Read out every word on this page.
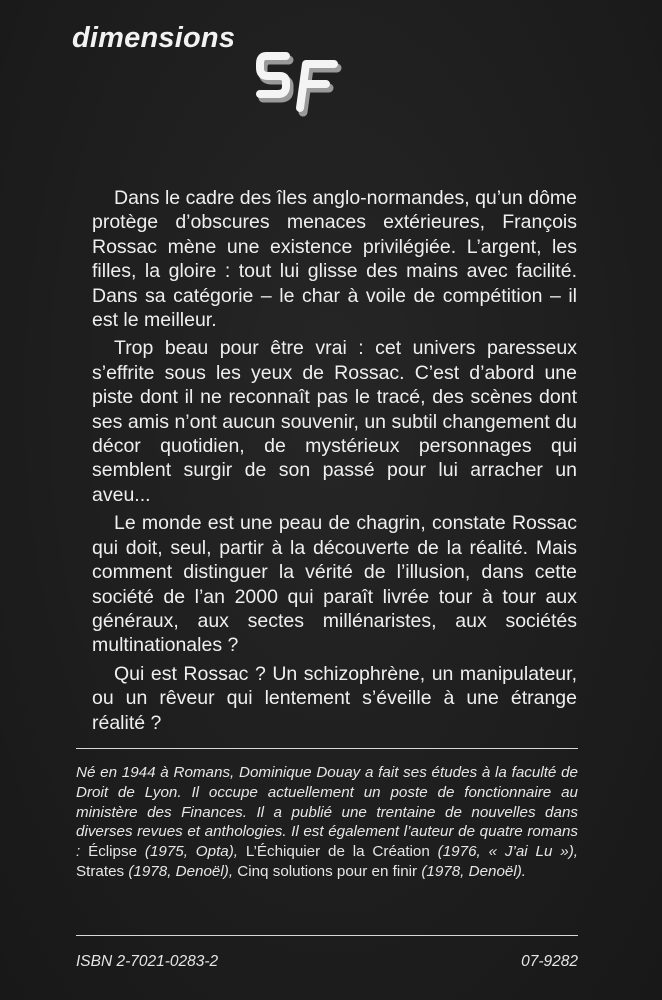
dimensions

Dans le cadre des îles anglo-normandes, qu’un dôme protège d’obscures menaces extérieures, François Rossac mène une existence privilégiée. L’argent, les filles, la gloire : tout lui glisse des mains avec facilité. Dans sa catégorie – le char à voile de compétition – il est le meilleur.

Trop beau pour être vrai : cet univers paresseux s’effrite sous les yeux de Rossac. C’est d’abord une piste dont il ne reconnaît pas le tracé, des scènes dont ses amis n’ont aucun souvenir, un subtil changement du décor quotidien, de mystérieux personnages qui semblent surgir de son passé pour lui arracher un aveu...

Le monde est une peau de chagrin, constate Rossac qui doit, seul, partir à la découverte de la réalité. Mais comment distinguer la vérité de l’illusion, dans cette société de l’an 2000 qui paraît livrée tour à tour aux généraux, aux sectes millénaristes, aux sociétés multinationales ?

Qui est Rossac ? Un schizophrène, un manipulateur, ou un rêveur qui lentement s’éveille à une étrange réalité ?

Né en 1944 à Romans, Dominique Douay a fait ses études à la faculté de Droit de Lyon. Il occupe actuellement un poste de fonctionnaire au ministère des Finances. Il a publié une trentaine de nouvelles dans diverses revues et anthologies. Il est également l’auteur de quatre romans : Éclipse (1975, Opta), L’Échiquier de la Création (1976, « J’ai Lu »), Strates (1978, Denoël), Cinq solutions pour en finir (1978, Denoël).

ISBN 2-7021-0283-2	07-9282
